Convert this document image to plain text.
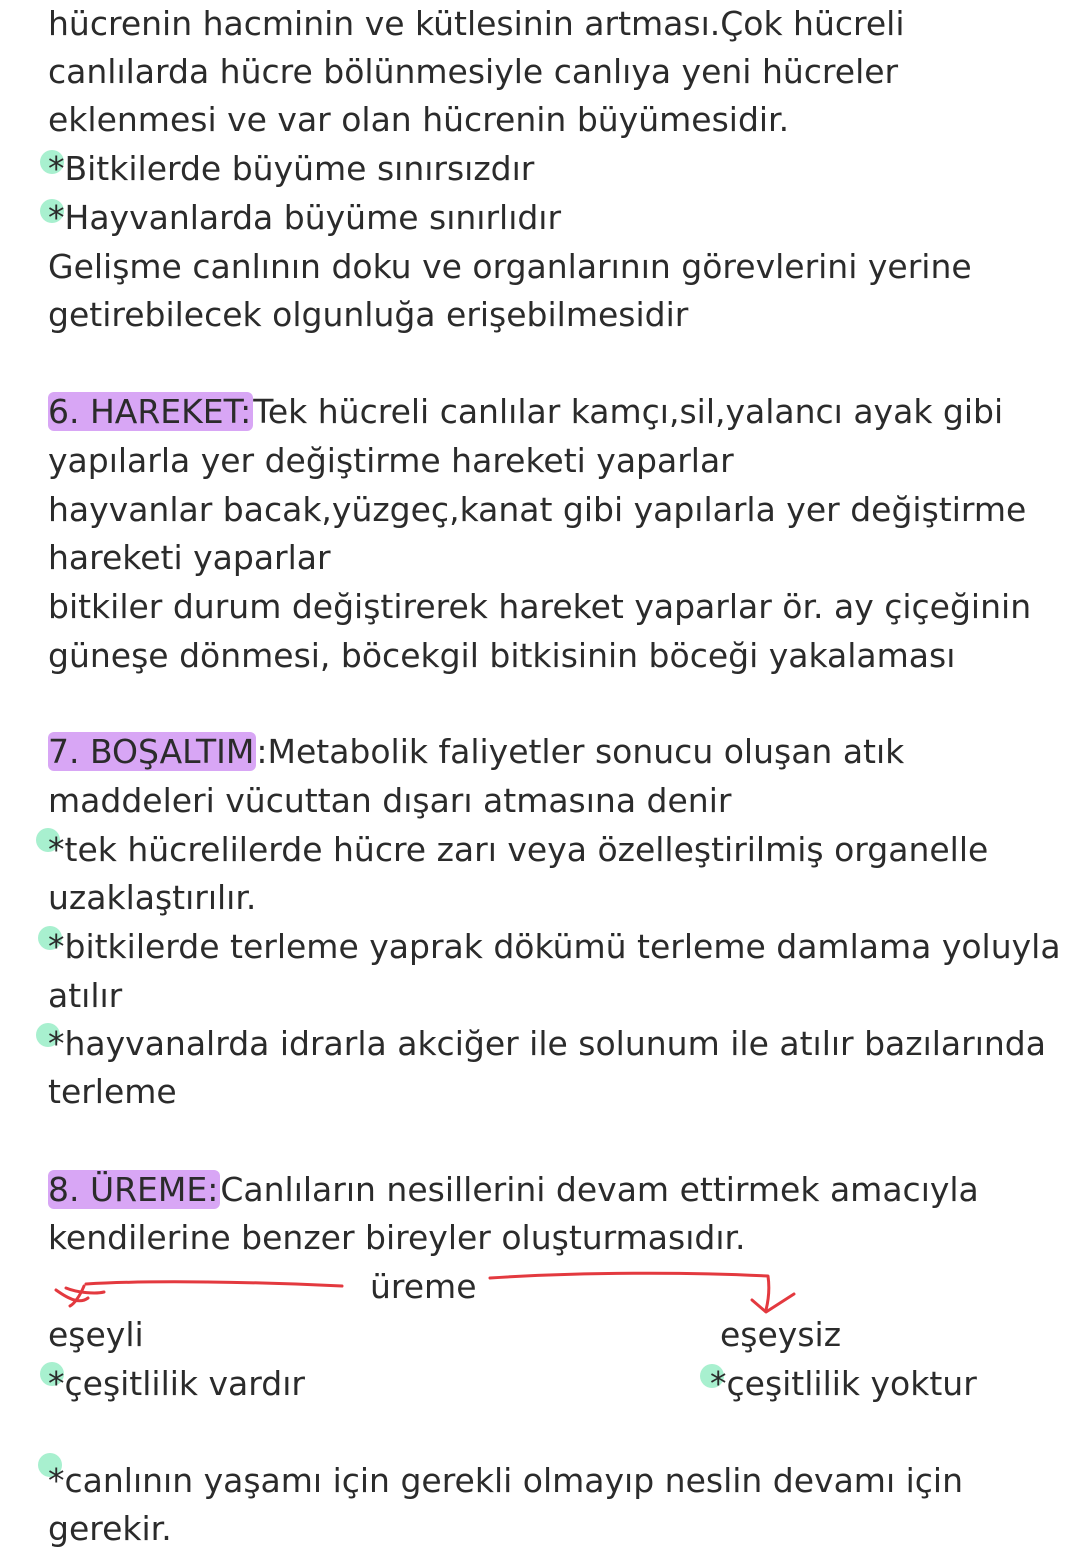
hücrenin hacminin ve kütlesinin artması.Çok hücreli
canlılarda hücre bölünmesiyle canlıya yeni hücreler
eklenmesi ve var olan hücrenin büyümesidir.
*Bitkilerde büyüme sınırsızdır
*Hayvanlarda büyüme sınırlıdır
Gelişme canlının doku ve organlarının görevlerini yerine
getirebilecek olgunluğa erişebilmesidir
6. HAREKET:Tek hücreli canlılar kamçı,sil,yalancı ayak gibi
yapılarla yer değiştirme hareketi yaparlar
hayvanlar bacak,yüzgeç,kanat gibi yapılarla yer değiştirme
hareketi yaparlar
bitkiler durum değiştirerek hareket yaparlar ör. ay çiçeğinin
güneşe dönmesi, böcekgil bitkisinin böceği yakalaması
7. BOŞALTIM:Metabolik faliyetler sonucu oluşan atık
maddeleri vücuttan dışarı atmasına denir
*tek hücrelilerde hücre zarı veya özelleştirilmiş organelle
uzaklaştırılır.
*bitkilerde terleme yaprak dökümü terleme damlama yoluyla
atılır
*hayvanalrda idrarla akciğer ile solunum ile atılır bazılarında
terleme
8. ÜREME:Canlıların nesillerini devam ettirmek amacıyla
kendilerine benzer bireyler oluşturmasıdır.
üreme
eşeyli
*çeşitlilik vardır
eşeysiz
*çeşitlilik yoktur
*canlının yaşamı için gerekli olmayıp neslin devamı için
gerekir.
